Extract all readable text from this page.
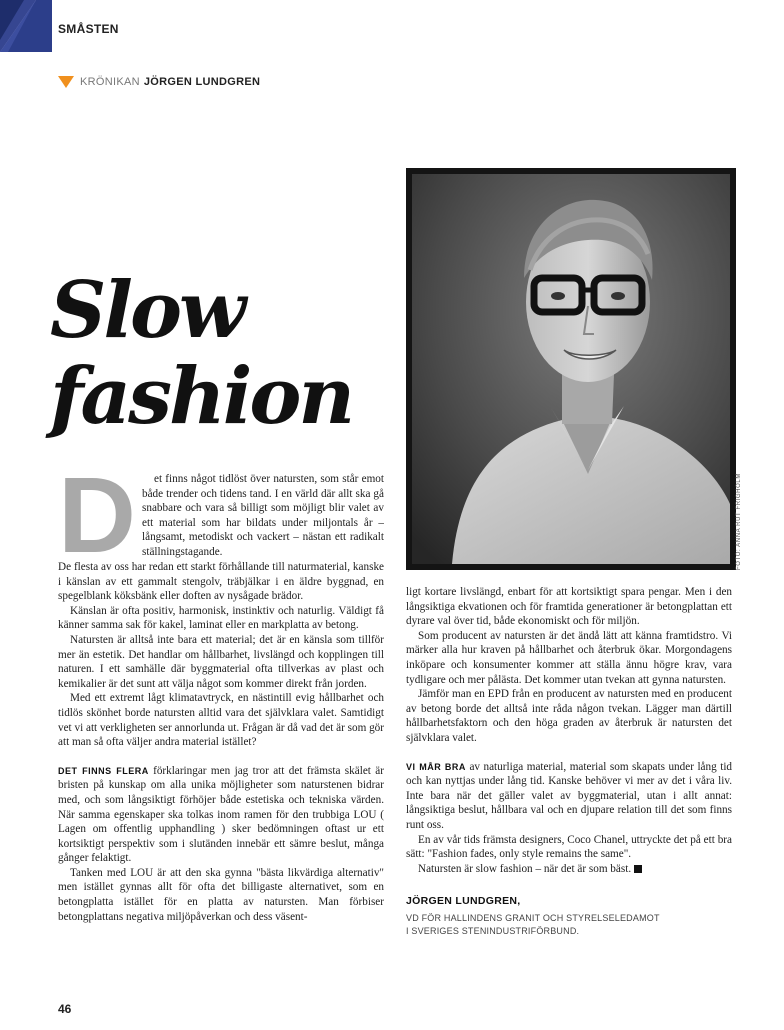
SMÅSTEN
KRÖNIKAN JÖRGEN LUNDGREN
Slow
fashion
FOTO: ANNA RUT FRIGHOLM
D	et finns något tidlöst över natursten, som står emot både trender och tidens tand. I en värld där allt ska gå snabbare och vara så billigt som möjligt blir valet av ett material som har bildats under miljontals år – långsamt, metodiskt och vackert – nästan ett radikalt ställningstagande.

De flesta av oss har redan ett starkt förhållande till naturmaterial, kanske i känslan av ett gammalt stengolv, träbjälkar i en äldre byggnad, en spegelblank köksbänk eller doften av nysågade brädor.

Känslan är ofta positiv, harmonisk, instinktiv och naturlig. Väldigt få känner samma sak för kakel, laminat eller en markplatta av betong.

Natursten är alltså inte bara ett material; det är en känsla som tillför mer än estetik. Det handlar om hållbarhet, livslängd och kopplingen till naturen. I ett samhälle där byggmaterial ofta tillverkas av plast och kemikalier är det sunt att välja något som kommer direkt från jorden.

Med ett extremt lågt klimatavtryck, en nästintill evig hållbarhet och tidlös skönhet borde natursten alltid vara det självklara valet. Samtidigt vet vi att verkligheten ser annorlunda ut. Frågan är då vad det är som gör att man så ofta väljer andra material istället?

DET FINNS FLERA förklaringar men jag tror att det främsta skälet är bristen på kunskap om alla unika möjligheter som naturstenen bidrar med, och som långsiktigt förhöjer både estetiska och tekniska värden. När samma egenskaper ska tolkas inom ramen för den trubbiga LOU ( Lagen om offentlig upphandling ) sker bedömningen oftast ur ett kortsiktigt perspektiv som i slutänden innebär ett sämre beslut, många gånger felaktigt.

Tanken med LOU är att den ska gynna "bästa likvärdiga alternativ" men istället gynnas allt för ofta det billigaste alternativet, som en betongplatta istället för en platta av natursten. Man förbiser betongplattans negativa miljöpåverkan och dess väsent-

ligt kortare livslängd, enbart för att kortsiktigt spara pengar. Men i den långsiktiga ekvationen och för framtida generationer är betongplattan ett dyrare val över tid, både ekonomiskt och för miljön.

Som producent av natursten är det ändå lätt att känna framtidstro. Vi märker alla hur kraven på hållbarhet och återbruk ökar. Morgondagens inköpare och konsumenter kommer att ställa ännu högre krav, vara tydligare och mer pålästa. Det kommer utan tvekan att gynna natursten.

Jämför man en EPD från en producent av natursten med en producent av betong borde det alltså inte råda någon tvekan. Lägger man därtill hållbarhetsfaktorn och den höga graden av återbruk är natursten det självklara valet.

VI MÅR BRA av naturliga material, material som skapats under lång tid och kan nyttjas under lång tid. Kanske behöver vi mer av det i våra liv. Inte bara när det gäller valet av byggmaterial, utan i allt annat: långsiktiga beslut, hållbara val och en djupare relation till det som finns runt oss.

En av vår tids främsta designers, Coco Chanel, uttryckte det på ett bra sätt: "Fashion fades, only style remains the same".

Natursten är slow fashion – när det är som bäst.

JÖRGEN LUNDGREN,
VD FÖR HALLINDENS GRANIT OCH STYRELSELEDAMOT
I SVERIGES STENINDUSTRIFÖRBUND.
46
